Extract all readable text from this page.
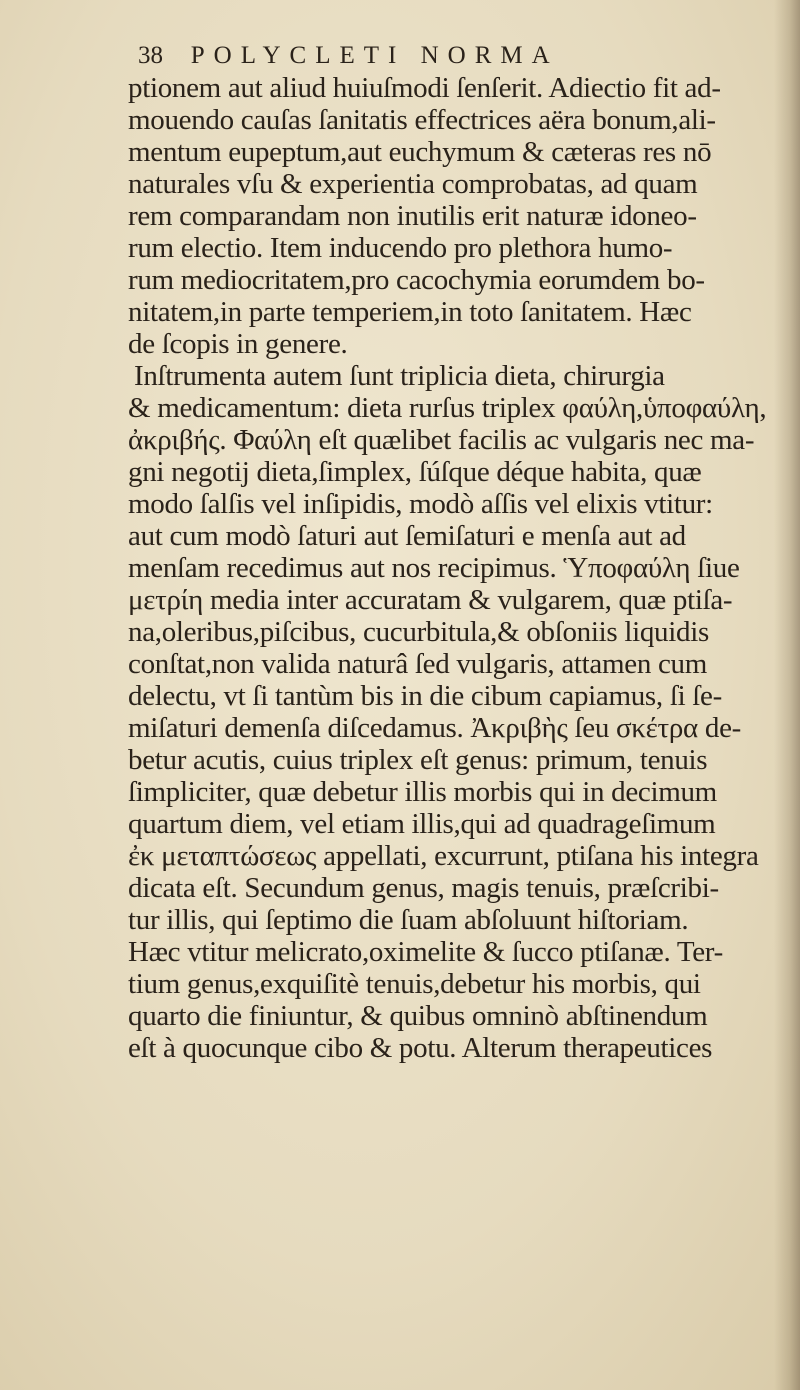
38 POLYCLETI NORMA
ptionem aut aliud huiuſmodi ſenſerit. Adiectio fit ad-
mouendo cauſas ſanitatis effectrices aëra bonum,ali-
mentum eupeptum,aut euchymum & cæteras res nō
naturales vſu & experientia comprobatas, ad quam
rem comparandam non inutilis erit naturæ idoneo-
rum electio. Item inducendo pro plethora humo-
rum mediocritatem,pro cacochymia eorumdem bo-
nitatem,in parte temperiem,in toto ſanitatem. Hæc
de ſcopis in genere.
Inſtrumenta autem ſunt triplicia dieta, chirurgia
& medicamentum: dieta rurſus triplex φαύλη,ὑποφαύλη,
ἀκριβής. Φαύλη eſt quælibet facilis ac vulgaris nec ma-
gni negotij dieta,ſimplex, ſúſque déque habita, quæ
modo ſalſis vel inſipidis, modò aſſis vel elixis vtitur:
aut cum modò ſaturi aut ſemiſaturi e menſa aut ad
menſam recedimus aut nos recipimus. Ὑποφαύλη ſiue
μετρίη media inter accuratam & vulgarem, quæ ptiſa-
na,oleribus,piſcibus, cucurbitula,& obſoniis liquidis
conſtat,non valida naturâ ſed vulgaris, attamen cum
delectu, vt ſi tantùm bis in die cibum capiamus, ſi ſe-
miſaturi demenſa diſcedamus. Ἀκριβὴς ſeu σκέτρα de-
betur acutis, cuius triplex eſt genus: primum, tenuis
ſimpliciter, quæ debetur illis morbis qui in decimum
quartum diem, vel etiam illis,qui ad quadrageſimum
ἐκ μεταπτώσεως appellati, excurrunt, ptiſana his integra
dicata eſt. Secundum genus, magis tenuis, præſcribi-
tur illis, qui ſeptimo die ſuam abſoluunt hiſtoriam.
Hæc vtitur melicrato,oximelite & ſucco ptiſanæ. Ter-
tium genus,exquiſitè tenuis,debetur his morbis, qui
quarto die finiuntur, & quibus omninò abſtinendum
eſt à quocunque cibo & potu. Alterum therapeutices
